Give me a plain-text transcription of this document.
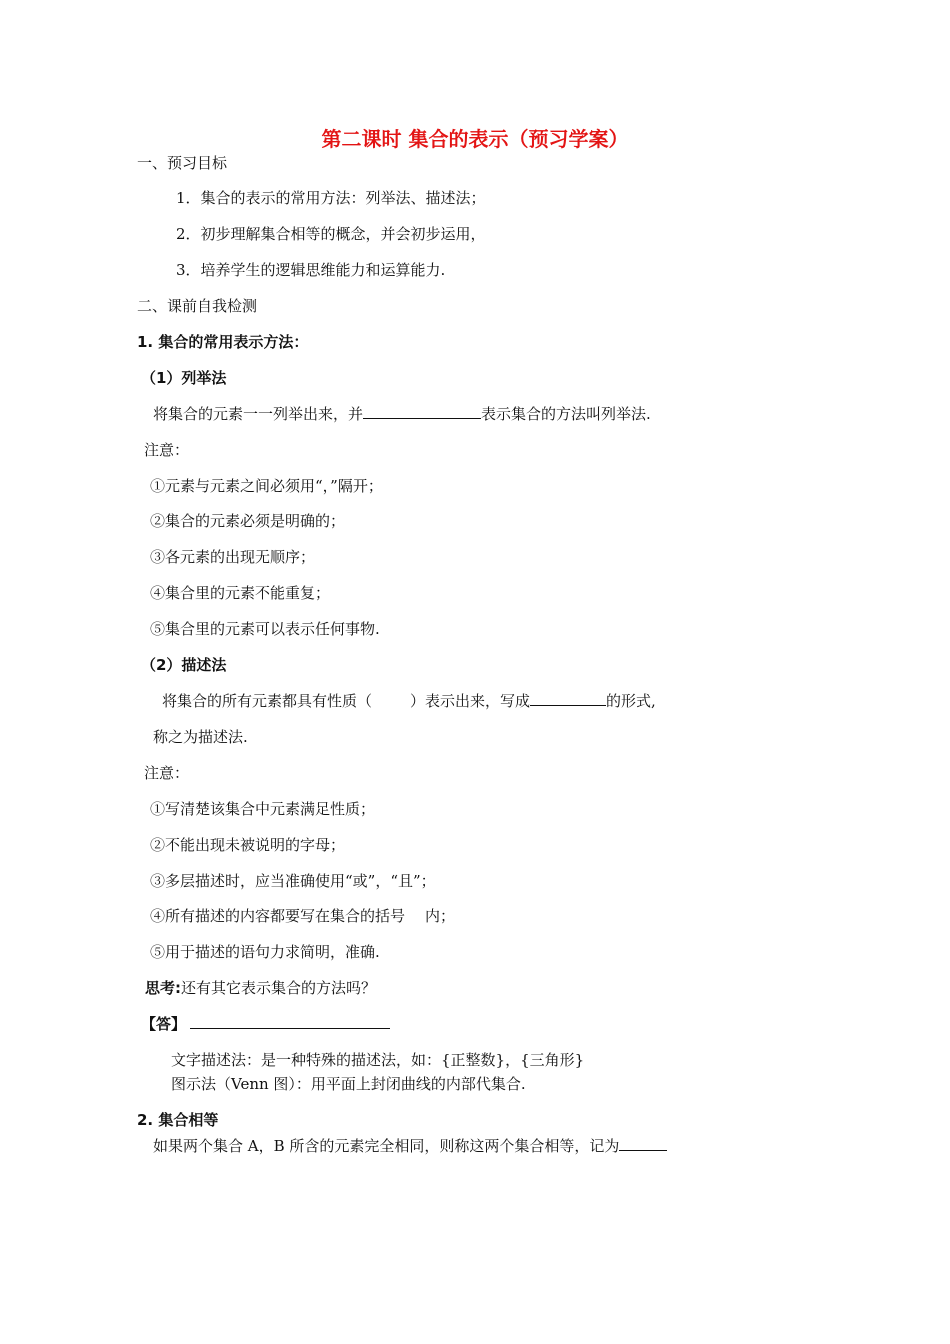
第二课时 集合的表示（预习学案）
一、预习目标
1．集合的表示的常用方法：列举法、描述法；
2．初步理解集合相等的概念，并会初步运用，
3．培养学生的逻辑思维能力和运算能力.
二、课前自我检测
1. 集合的常用表示方法：
（1）列举法
将集合的元素一一列举出来，并	表示集合的方法叫列举法.
注意：
①元素与元素之间必须用“，”隔开；
②集合的元素必须是明确的；
③各元素的出现无顺序；
④集合里的元素不能重复；
⑤集合里的元素可以表示任何事物.
（2）描述法
将集合的所有元素都具有性质（	）表示出来，写成	的形式,
称之为描述法.
注意：
①写清楚该集合中元素满足性质；
②不能出现未被说明的字母；
③多层描述时，应当准确使用“或”，“且”；
④所有描述的内容都要写在集合的括号 内；
⑤用于描述的语句力求简明，准确.
思考:还有其它表示集合的方法吗？
【答】
文字描述法：是一种特殊的描述法，如：{正整数}，{三角形}
图示法（Venn 图）：用平面上封闭曲线的内部代集合.
2. 集合相等
如果两个集合 A，B 所含的元素完全相同，则称这两个集合相等，记为
